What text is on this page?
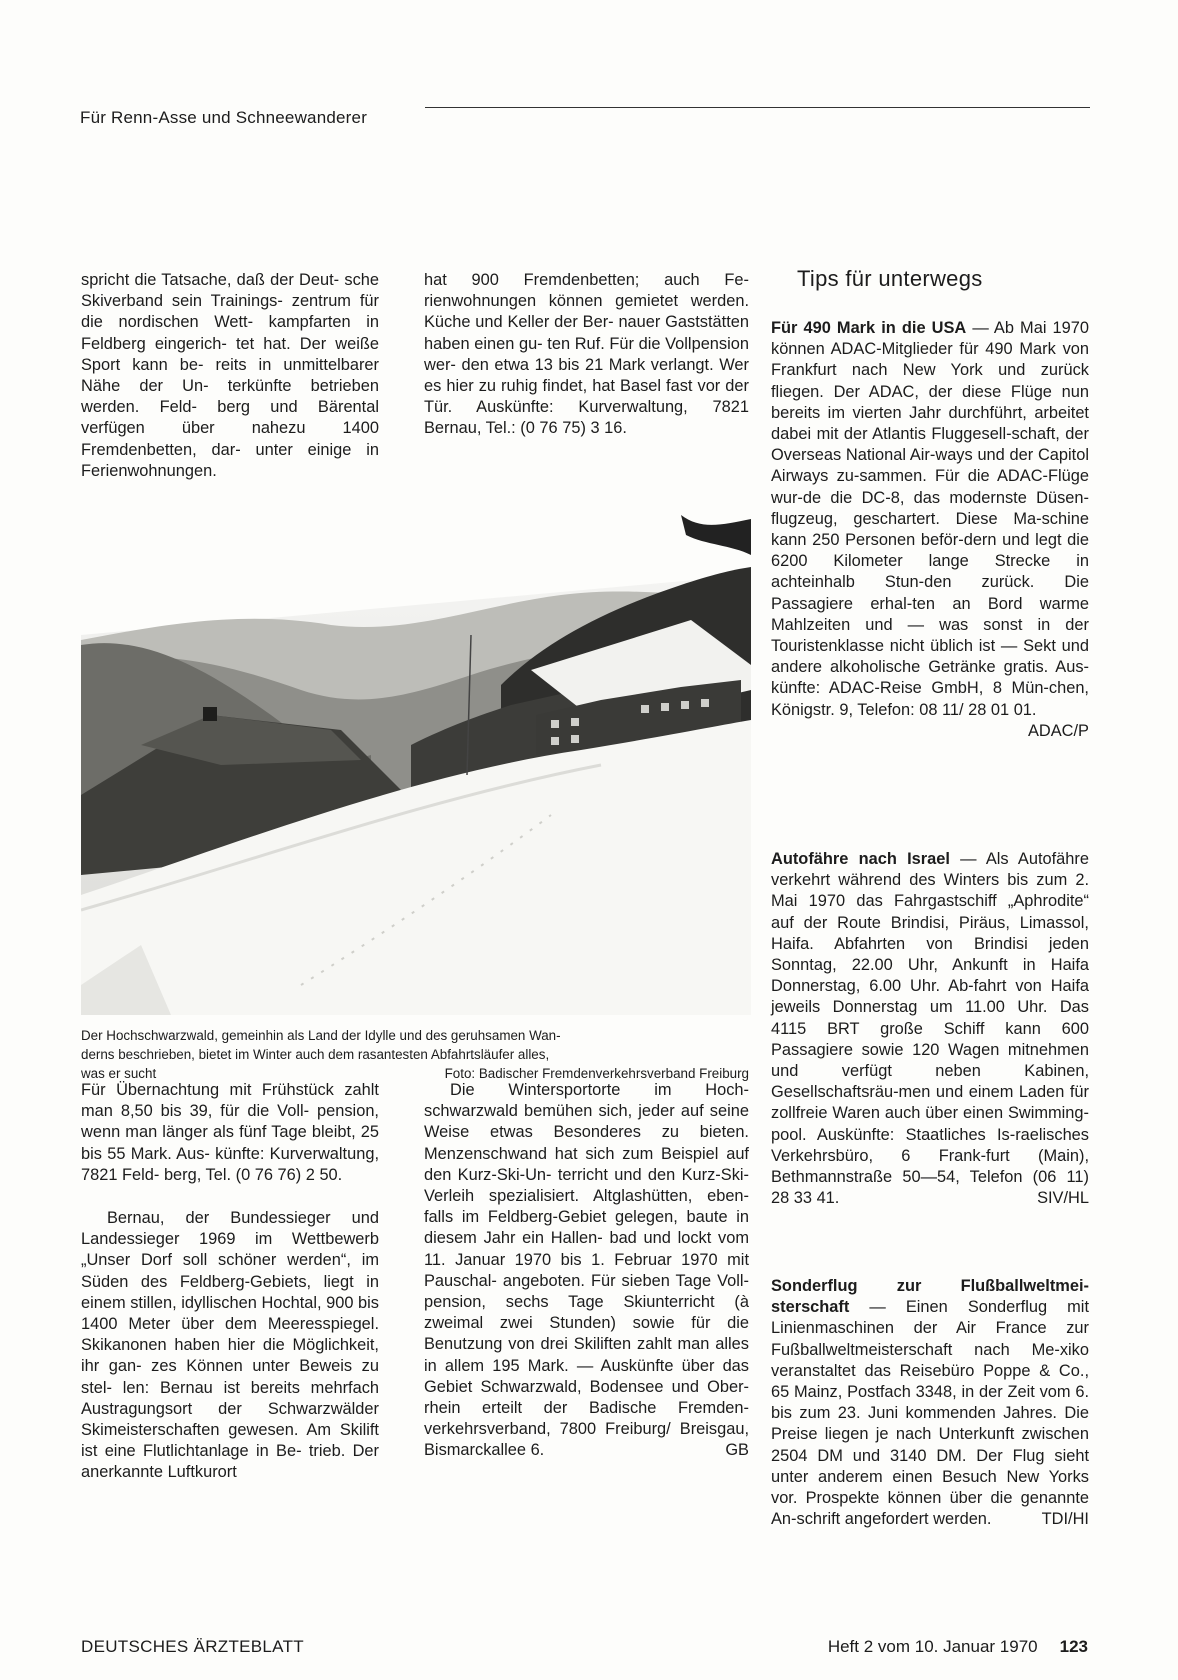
Für Renn-Asse und Schneewanderer

spricht die Tatsache, daß der Deut- sche Skiverband sein Trainings- zentrum für die nordischen Wett- kampfarten in Feldberg eingerich- tet hat. Der weiße Sport kann be- reits in unmittelbarer Nähe der Un- terkünfte betrieben werden. Feld- berg und Bärental verfügen über nahezu 1400 Fremdenbetten, dar- unter einige in Ferienwohnungen.

hat 900 Fremdenbetten; auch Fe- rienwohnungen können gemietet werden. Küche und Keller der Ber- nauer Gaststätten haben einen gu- ten Ruf. Für die Vollpension wer- den etwa 13 bis 21 Mark verlangt. Wer es hier zu ruhig findet, hat Basel fast vor der Tür. Auskünfte: Kurverwaltung, 7821 Bernau, Tel.: (0 76 75) 3 16.

Der Hochschwarzwald, gemeinhin als Land der Idylle und des geruhsamen Wan-
derns beschrieben, bietet im Winter auch dem rasantesten Abfahrtsläufer alles,
was er sucht	Foto: Badischer Fremdenverkehrsverband Freiburg

Für Übernachtung mit Frühstück zahlt man 8,50 bis 39, für die Voll- pension, wenn man länger als fünf Tage bleibt, 25 bis 55 Mark. Aus- künfte: Kurverwaltung, 7821 Feld- berg, Tel. (0 76 76) 2 50.

Bernau, der Bundessieger und Landessieger 1969 im Wettbewerb „Unser Dorf soll schöner werden“, im Süden des Feldberg-Gebiets, liegt in einem stillen, idyllischen Hochtal, 900 bis 1400 Meter über dem Meeresspiegel. Skikanonen haben hier die Möglichkeit, ihr gan- zes Können unter Beweis zu stel- len: Bernau ist bereits mehrfach Austragungsort der Schwarzwälder Skimeisterschaften gewesen. Am Skilift ist eine Flutlichtanlage in Be- trieb. Der anerkannte Luftkurort

Die Wintersportorte im Hoch- schwarzwald bemühen sich, jeder auf seine Weise etwas Besonderes zu bieten. Menzenschwand hat sich zum Beispiel auf den Kurz-Ski-Un- terricht und den Kurz-Ski-Verleih spezialisiert. Altglashütten, eben- falls im Feldberg-Gebiet gelegen, baute in diesem Jahr ein Hallen- bad und lockt vom 11. Januar 1970 bis 1. Februar 1970 mit Pauschal- angeboten. Für sieben Tage Voll- pension, sechs Tage Skiunterricht (à zweimal zwei Stunden) sowie für die Benutzung von drei Skiliften zahlt man alles in allem 195 Mark. — Auskünfte über das Gebiet Schwarzwald, Bodensee und Ober- rhein erteilt der Badische Fremden- verkehrsverband, 7800 Freiburg/ Breisgau, Bismarckallee 6.	GB

Tips für unterwegs

Für 490 Mark in die USA — Ab Mai 1970 können ADAC-Mitglieder für 490 Mark von Frankfurt nach New York und zurück fliegen. Der ADAC, der diese Flüge nun bereits im vierten Jahr durchführt, arbeitet dabei mit der Atlantis Fluggesell-schaft, der Overseas National Air-ways und der Capitol Airways zu-sammen. Für die ADAC-Flüge wur-de die DC-8, das modernste Düsen-flugzeug, geschartert. Diese Ma-schine kann 250 Personen beför-dern und legt die 6200 Kilometer lange Strecke in achteinhalb Stun-den zurück. Die Passagiere erhal-ten an Bord warme Mahlzeiten und — was sonst in der Touristenklasse nicht üblich ist — Sekt und andere alkoholische Getränke gratis. Aus-künfte: ADAC-Reise GmbH, 8 Mün-chen, Königstr. 9, Telefon: 08 11/ 28 01 01.
ADAC/P

Autofähre nach Israel — Als Autofähre verkehrt während des Winters bis zum 2. Mai 1970 das Fahrgastschiff „Aphrodite“ auf der Route Brindisi, Piräus, Limassol, Haifa. Abfahrten von Brindisi jeden Sonntag, 22.00 Uhr, Ankunft in Haifa Donnerstag, 6.00 Uhr. Ab-fahrt von Haifa jeweils Donnerstag um 11.00 Uhr. Das 4115 BRT große Schiff kann 600 Passagiere sowie 120 Wagen mitnehmen und verfügt neben Kabinen, Gesellschaftsräu-men und einem Laden für zollfreie Waren auch über einen Swimming-pool. Auskünfte: Staatliches Is-raelisches Verkehrsbüro, 6 Frank-furt (Main), Bethmannstraße 50—54, Telefon (06 11) 28 33 41.	SIV/HL

Sonderflug zur Flußballweltmei-sterschaft — Einen Sonderflug mit Linienmaschinen der Air France zur Fußballweltmeisterschaft nach Me-xiko veranstaltet das Reisebüro Poppe & Co., 65 Mainz, Postfach 3348, in der Zeit vom 6. bis zum 23. Juni kommenden Jahres. Die Preise liegen je nach Unterkunft zwischen 2504 DM und 3140 DM. Der Flug sieht unter anderem einen Besuch New Yorks vor. Prospekte können über die genannte An-schrift angefordert werden.	TDI/HI

DEUTSCHES ÄRZTEBLATT	Heft 2 vom 10. Januar 1970 123
